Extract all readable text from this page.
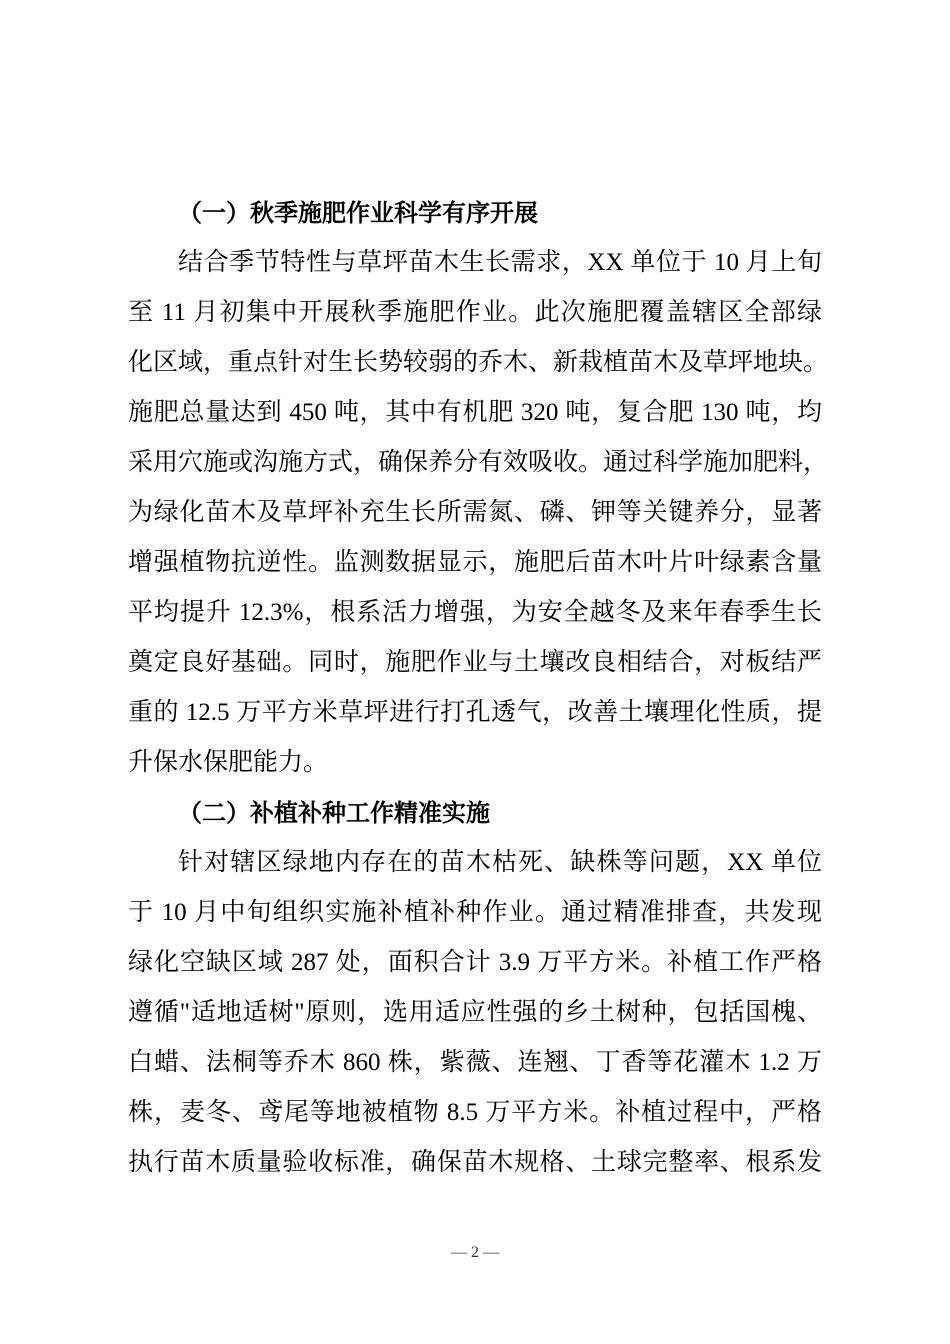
（一）秋季施肥作业科学有序开展
结合季节特性与草坪苗木生长需求，XX 单位于 10 月上旬
至 11 月初集中开展秋季施肥作业。此次施肥覆盖辖区全部绿
化区域，重点针对生长势较弱的乔木、新栽植苗木及草坪地块。
施肥总量达到 450 吨，其中有机肥 320 吨，复合肥 130 吨，均
采用穴施或沟施方式，确保养分有效吸收。通过科学施加肥料，
为绿化苗木及草坪补充生长所需氮、磷、钾等关键养分，显著
增强植物抗逆性。监测数据显示，施肥后苗木叶片叶绿素含量
平均提升 12.3%，根系活力增强，为安全越冬及来年春季生长
奠定良好基础。同时，施肥作业与土壤改良相结合，对板结严
重的 12.5 万平方米草坪进行打孔透气，改善土壤理化性质，提
升保水保肥能力。
（二）补植补种工作精准实施
针对辖区绿地内存在的苗木枯死、缺株等问题，XX 单位
于 10 月中旬组织实施补植补种作业。通过精准排查，共发现
绿化空缺区域 287 处，面积合计 3.9 万平方米。补植工作严格
遵循"适地适树"原则，选用适应性强的乡土树种，包括国槐、
白蜡、法桐等乔木 860 株，紫薇、连翘、丁香等花灌木 1.2 万
株，麦冬、鸢尾等地被植物 8.5 万平方米。补植过程中，严格
执行苗木质量验收标准，确保苗木规格、土球完整率、根系发
— 2 —
